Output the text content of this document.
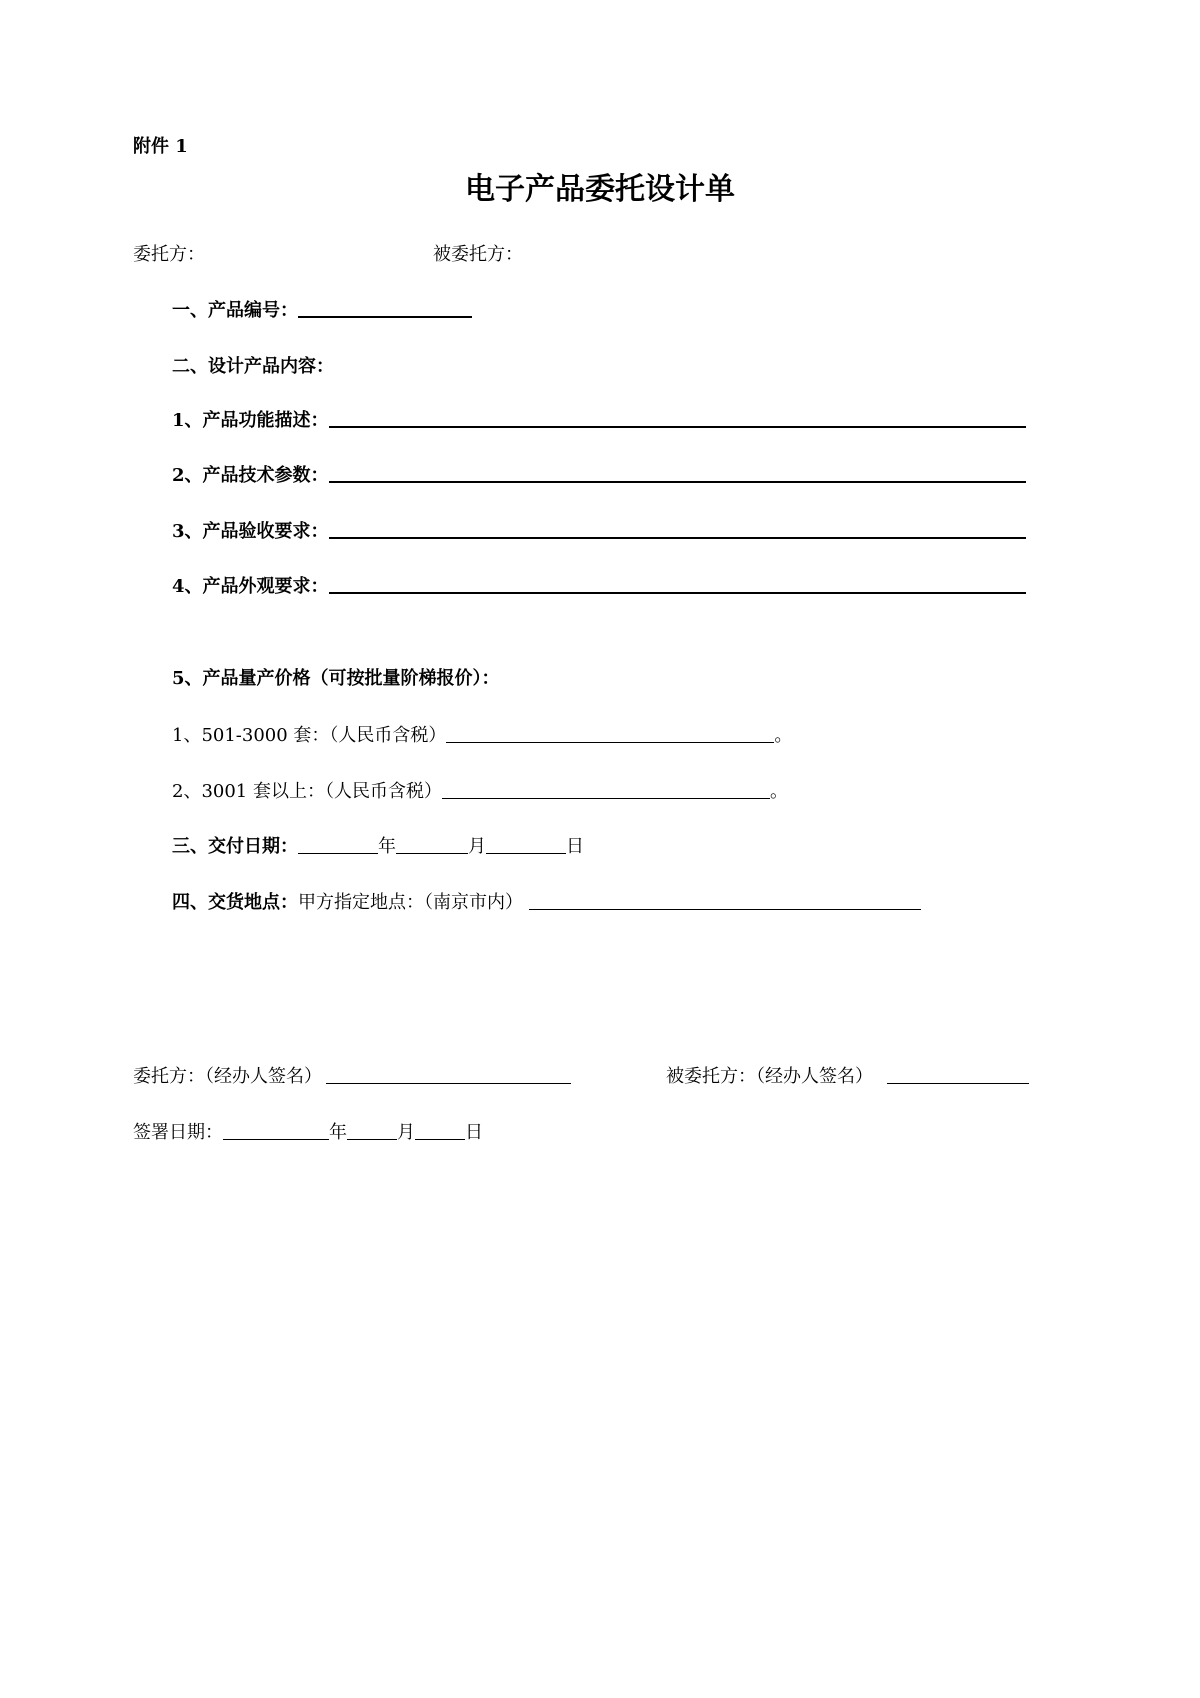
附件 1
电子产品委托设计单
委托方：	被委托方：
一、产品编号：
二、设计产品内容：
1、产品功能描述：
2、产品技术参数：
3、产品验收要求：
4、产品外观要求：
5、产品量产价格（可按批量阶梯报价）：
1、501-3000 套：（人民币含税）	。
2、3001 套以上：（人民币含税）	。
三、交付日期：	年	月	日
四、交货地点： 甲方指定地点：（南京市内）
委托方：（经办人签名）	被委托方：（经办人签名）
签署日期：	年	月	日
